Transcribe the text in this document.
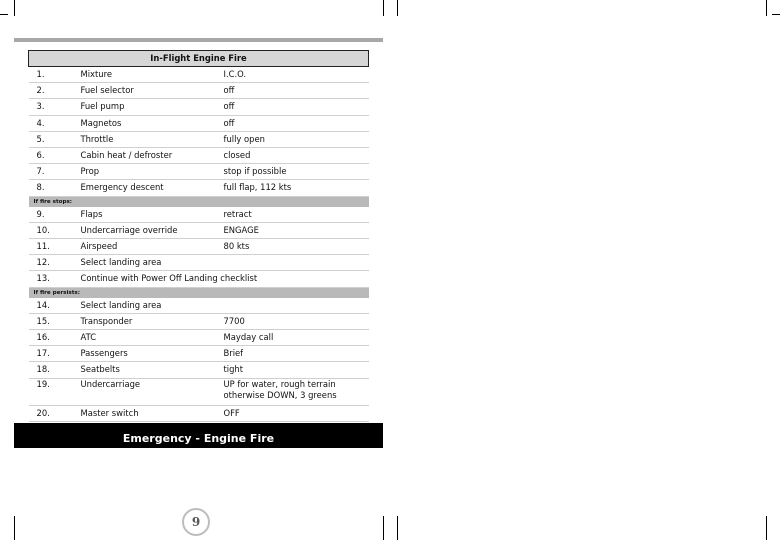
In-Flight Engine Fire		
1.	Mixture	I.C.O.

2.	Fuel selector	off

3.	Fuel pump	off

4.	Magnetos	off

5.	Throttle	fully open

6.	Cabin heat / defroster	closed

7.	Prop	stop if possible

8.	Emergency descent	full flap, 112 kts

If fire stops:		
9.	Flaps	retract

10.	Undercarriage override	ENGAGE

11.	Airspeed	80 kts

12.	Select landing area	

13.	Continue with Power Off Landing checklist	
If fire persists:		
14.	Select landing area	

15.	Transponder	7700

16.	ATC	Mayday call

17.	Passengers	Brief

18.	Seatbelts	tight

19.	Undercarriage	UP for water, rough terrain
otherwise DOWN, 3 greens

20.	Master switch	OFF
Emergency - Engine Fire
9
